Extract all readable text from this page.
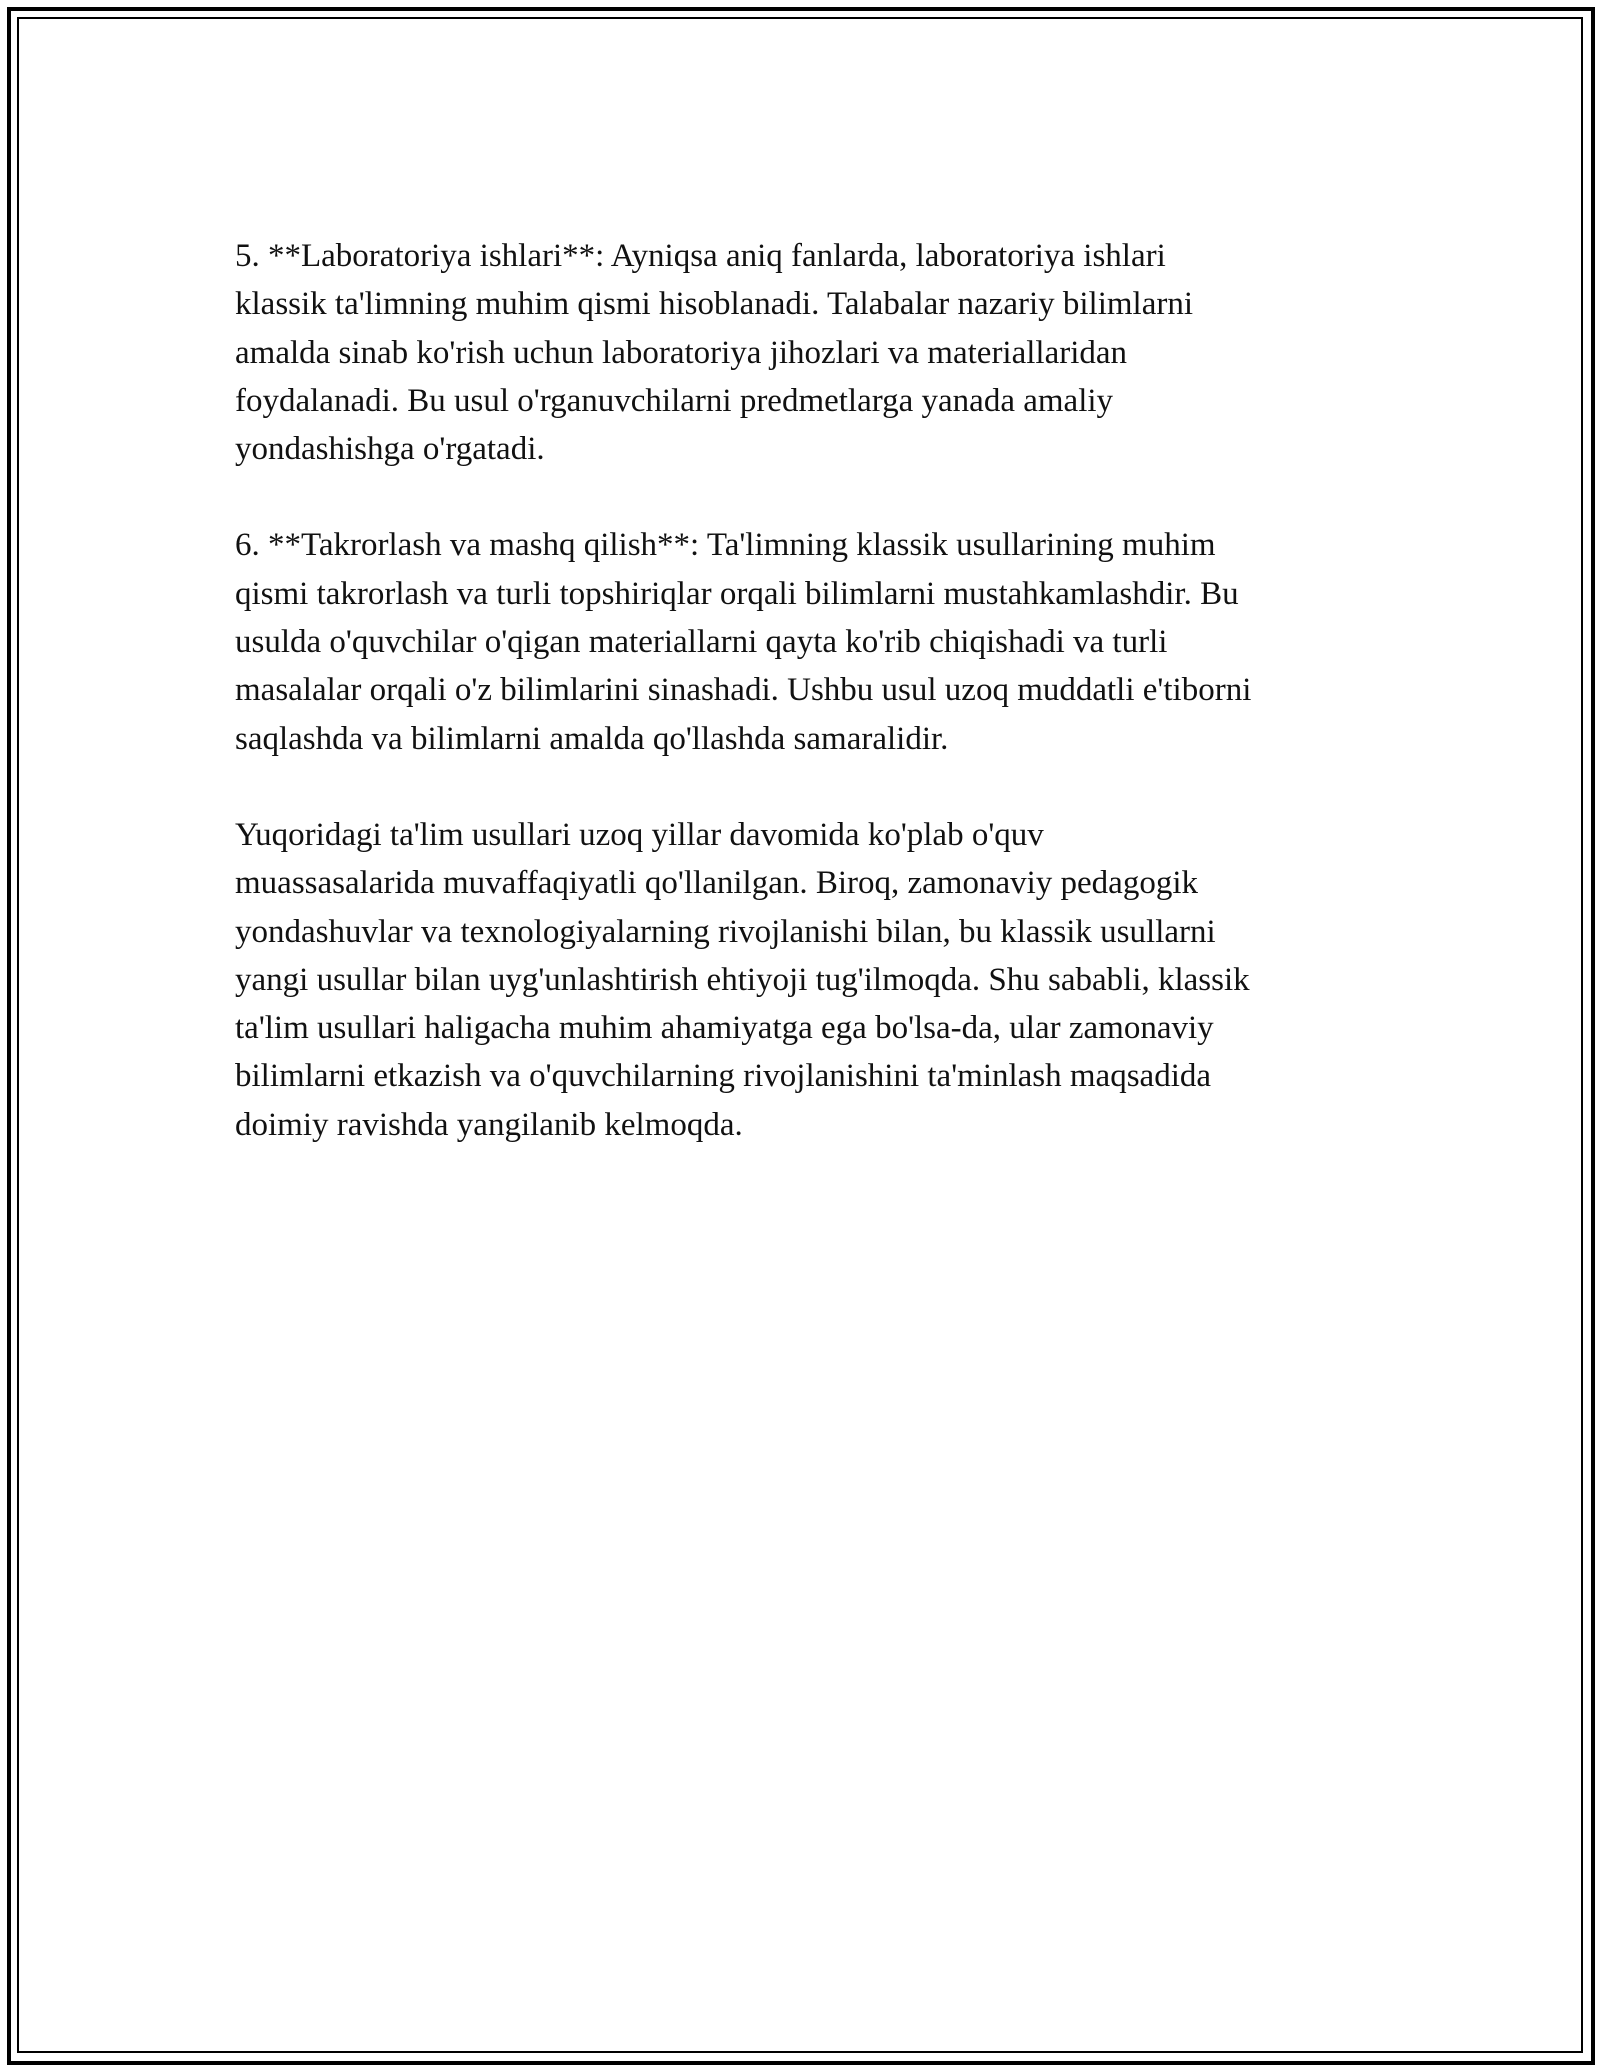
5. **Laboratoriya ishlari**: Ayniqsa aniq fanlarda, laboratoriya ishlari
klassik ta'limning muhim qismi hisoblanadi. Talabalar nazariy bilimlarni
amalda sinab ko'rish uchun laboratoriya jihozlari va materiallaridan
foydalanadi. Bu usul o'rganuvchilarni predmetlarga yanada amaliy
yondashishga o'rgatadi.

6. **Takrorlash va mashq qilish**: Ta'limning klassik usullarining muhim
qismi takrorlash va turli topshiriqlar orqali bilimlarni mustahkamlashdir. Bu
usulda o'quvchilar o'qigan materiallarni qayta ko'rib chiqishadi va turli
masalalar orqali o'z bilimlarini sinashadi. Ushbu usul uzoq muddatli e'tiborni
saqlashda va bilimlarni amalda qo'llashda samaralidir.

Yuqoridagi ta'lim usullari uzoq yillar davomida ko'plab o'quv
muassasalarida muvaffaqiyatli qo'llanilgan. Biroq, zamonaviy pedagogik
yondashuvlar va texnologiyalarning rivojlanishi bilan, bu klassik usullarni
yangi usullar bilan uyg'unlashtirish ehtiyoji tug'ilmoqda. Shu sababli, klassik
ta'lim usullari haligacha muhim ahamiyatga ega bo'lsa-da, ular zamonaviy
bilimlarni etkazish va o'quvchilarning rivojlanishini ta'minlash maqsadida
doimiy ravishda yangilanib kelmoqda.
